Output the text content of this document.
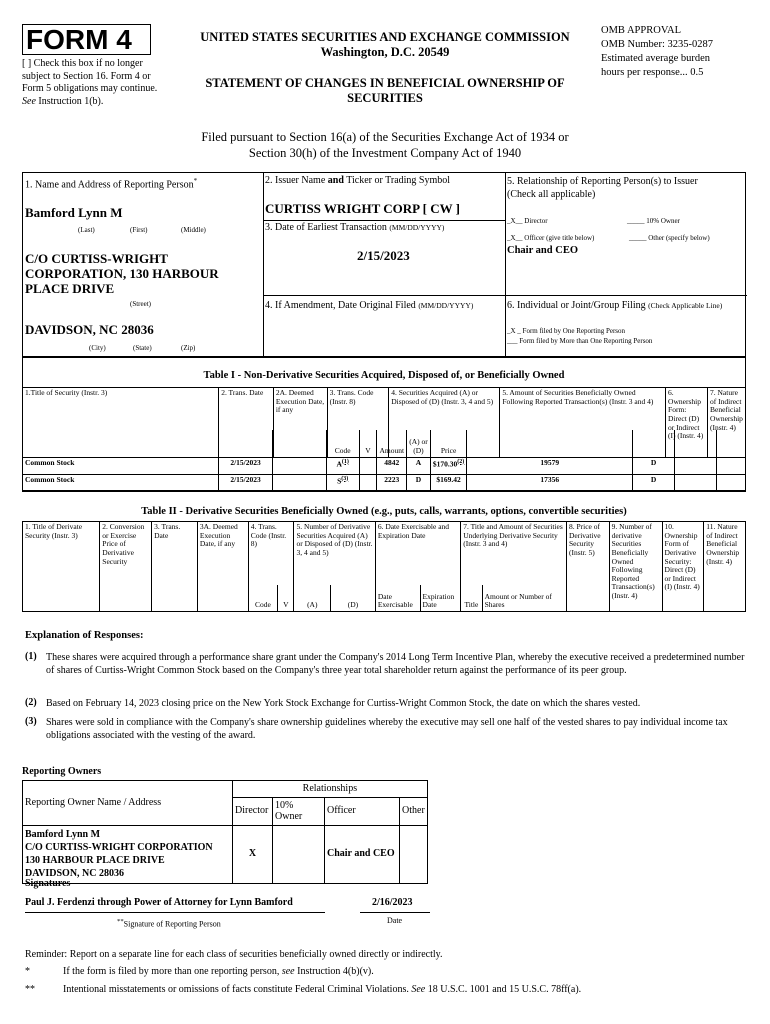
FORM 4
[ ] Check this box if no longer subject to Section 16. Form 4 or Form 5 obligations may continue. See Instruction 1(b).
UNITED STATES SECURITIES AND EXCHANGE COMMISSION
Washington, D.C. 20549
STATEMENT OF CHANGES IN BENEFICIAL OWNERSHIP OF
SECURITIES
OMB APPROVAL
OMB Number: 3235-0287
Estimated average burden
hours per response... 0.5
Filed pursuant to Section 16(a) of the Securities Exchange Act of 1934 or
Section 30(h) of the Investment Company Act of 1940
1. Name and Address of Reporting Person*
Bamford Lynn M
(Last)	(First)	(Middle)
C/O CURTISS-WRIGHT
CORPORATION, 130 HARBOUR
PLACE DRIVE
(Street)
DAVIDSON, NC 28036
(City)	(State)	(Zip)
2. Issuer Name and Ticker or Trading Symbol
CURTISS WRIGHT CORP [ CW ]
3. Date of Earliest Transaction (MM/DD/YYYY)
2/15/2023
4. If Amendment, Date Original Filed (MM/DD/YYYY)
5. Relationship of Reporting Person(s) to Issuer
(Check all applicable)
_X__ Director	_____ 10% Owner
_X__ Officer (give title below)	_____ Other (specify below)
Chair and CEO
6. Individual or Joint/Group Filing (Check Applicable Line)
_X _ Form filed by One Reporting Person
___ Form filed by More than One Reporting Person
Table I - Non-Derivative Securities Acquired, Disposed of, or Beneficially Owned
1.Title of Security (Instr. 3)	2. Trans. Date	2A. Deemed Execution Date, if any	3. Trans. Code (Instr. 8)	4. Securities Acquired (A) or Disposed of (D) (Instr. 3, 4 and 5)	5. Amount of Securities Beneficially Owned Following Reported Transaction(s) (Instr. 3 and 4)	6. Ownership Form: Direct (D) or Indirect (I) (Instr. 4)	7. Nature of Indirect Beneficial Ownership (Instr. 4)
			Code	V	Amount	(A) or (D)	Price				
Common Stock	2/15/2023		$A^{(1)}$		4842	A	$170.30$^{(2)}$	19579	D		
Common Stock	2/15/2023		$S^{(3)}$		2223	D	$169.42	17356	D		
Table II - Derivative Securities Beneficially Owned (e.g., puts, calls, warrants, options, convertible securities)
1. Title of Derivate Security (Instr. 3)	2. Conversion or Exercise Price of Derivative Security	3. Trans. Date	3A. Deemed Execution Date, if any	4. Trans. Code (Instr. 8)		5. Number of Derivative Securities Acquired (A) or Disposed of (D) (Instr. 3, 4 and 5)		6. Date Exercisable and Expiration Date		7. Title and Amount of Securities Underlying Derivative Security (Instr. 3 and 4)		8. Price of Derivative Security (Instr. 5)	9. Number of derivative Securities Beneficially Owned Following Reported Transaction(s) (Instr. 4)	10. Ownership Form of Derivative Security: Direct (D) or Indirect (I) (Instr. 4)	11. Nature of Indirect Beneficial Ownership (Instr. 4)
				Code	V	(A)	(D)	Date Exercisable	Expiration Date	Title	Amount or Number of Shares				
Explanation of Responses:
(1) These shares were acquired through a performance share grant under the Company's 2014 Long Term Incentive Plan, whereby the executive received a predetermined number of shares of Curtiss-Wright Common Stock based on the Company's three year total shareholder return against the performance of its peer group.
(2) Based on February 14, 2023 closing price on the New York Stock Exchange for Curtiss-Wright Common Stock, the date on which the shares vested.
(3) Shares were sold in compliance with the Company's share ownership guidelines whereby the executive may sell one half of the vested shares to pay individual income tax obligations associated with the vesting of the award.
Reporting Owners
Reporting Owner Name / Address	Relationships			
	Director	10% Owner	Officer	Other

Bamford Lynn M
C/O CURTISS-WRIGHT CORPORATION
130 HARBOUR PLACE DRIVE
DAVIDSON, NC 28036	X		Chair and CEO	
Signatures
Paul J. Ferdenzi through Power of Attorney for Lynn Bamford	2/16/2023
**Signature of Reporting Person	Date
Reminder: Report on a separate line for each class of securities beneficially owned directly or indirectly.
*	If the form is filed by more than one reporting person, see Instruction 4(b)(v).
**	Intentional misstatements or omissions of facts constitute Federal Criminal Violations. See 18 U.S.C. 1001 and 15 U.S.C. 78ff(a).
